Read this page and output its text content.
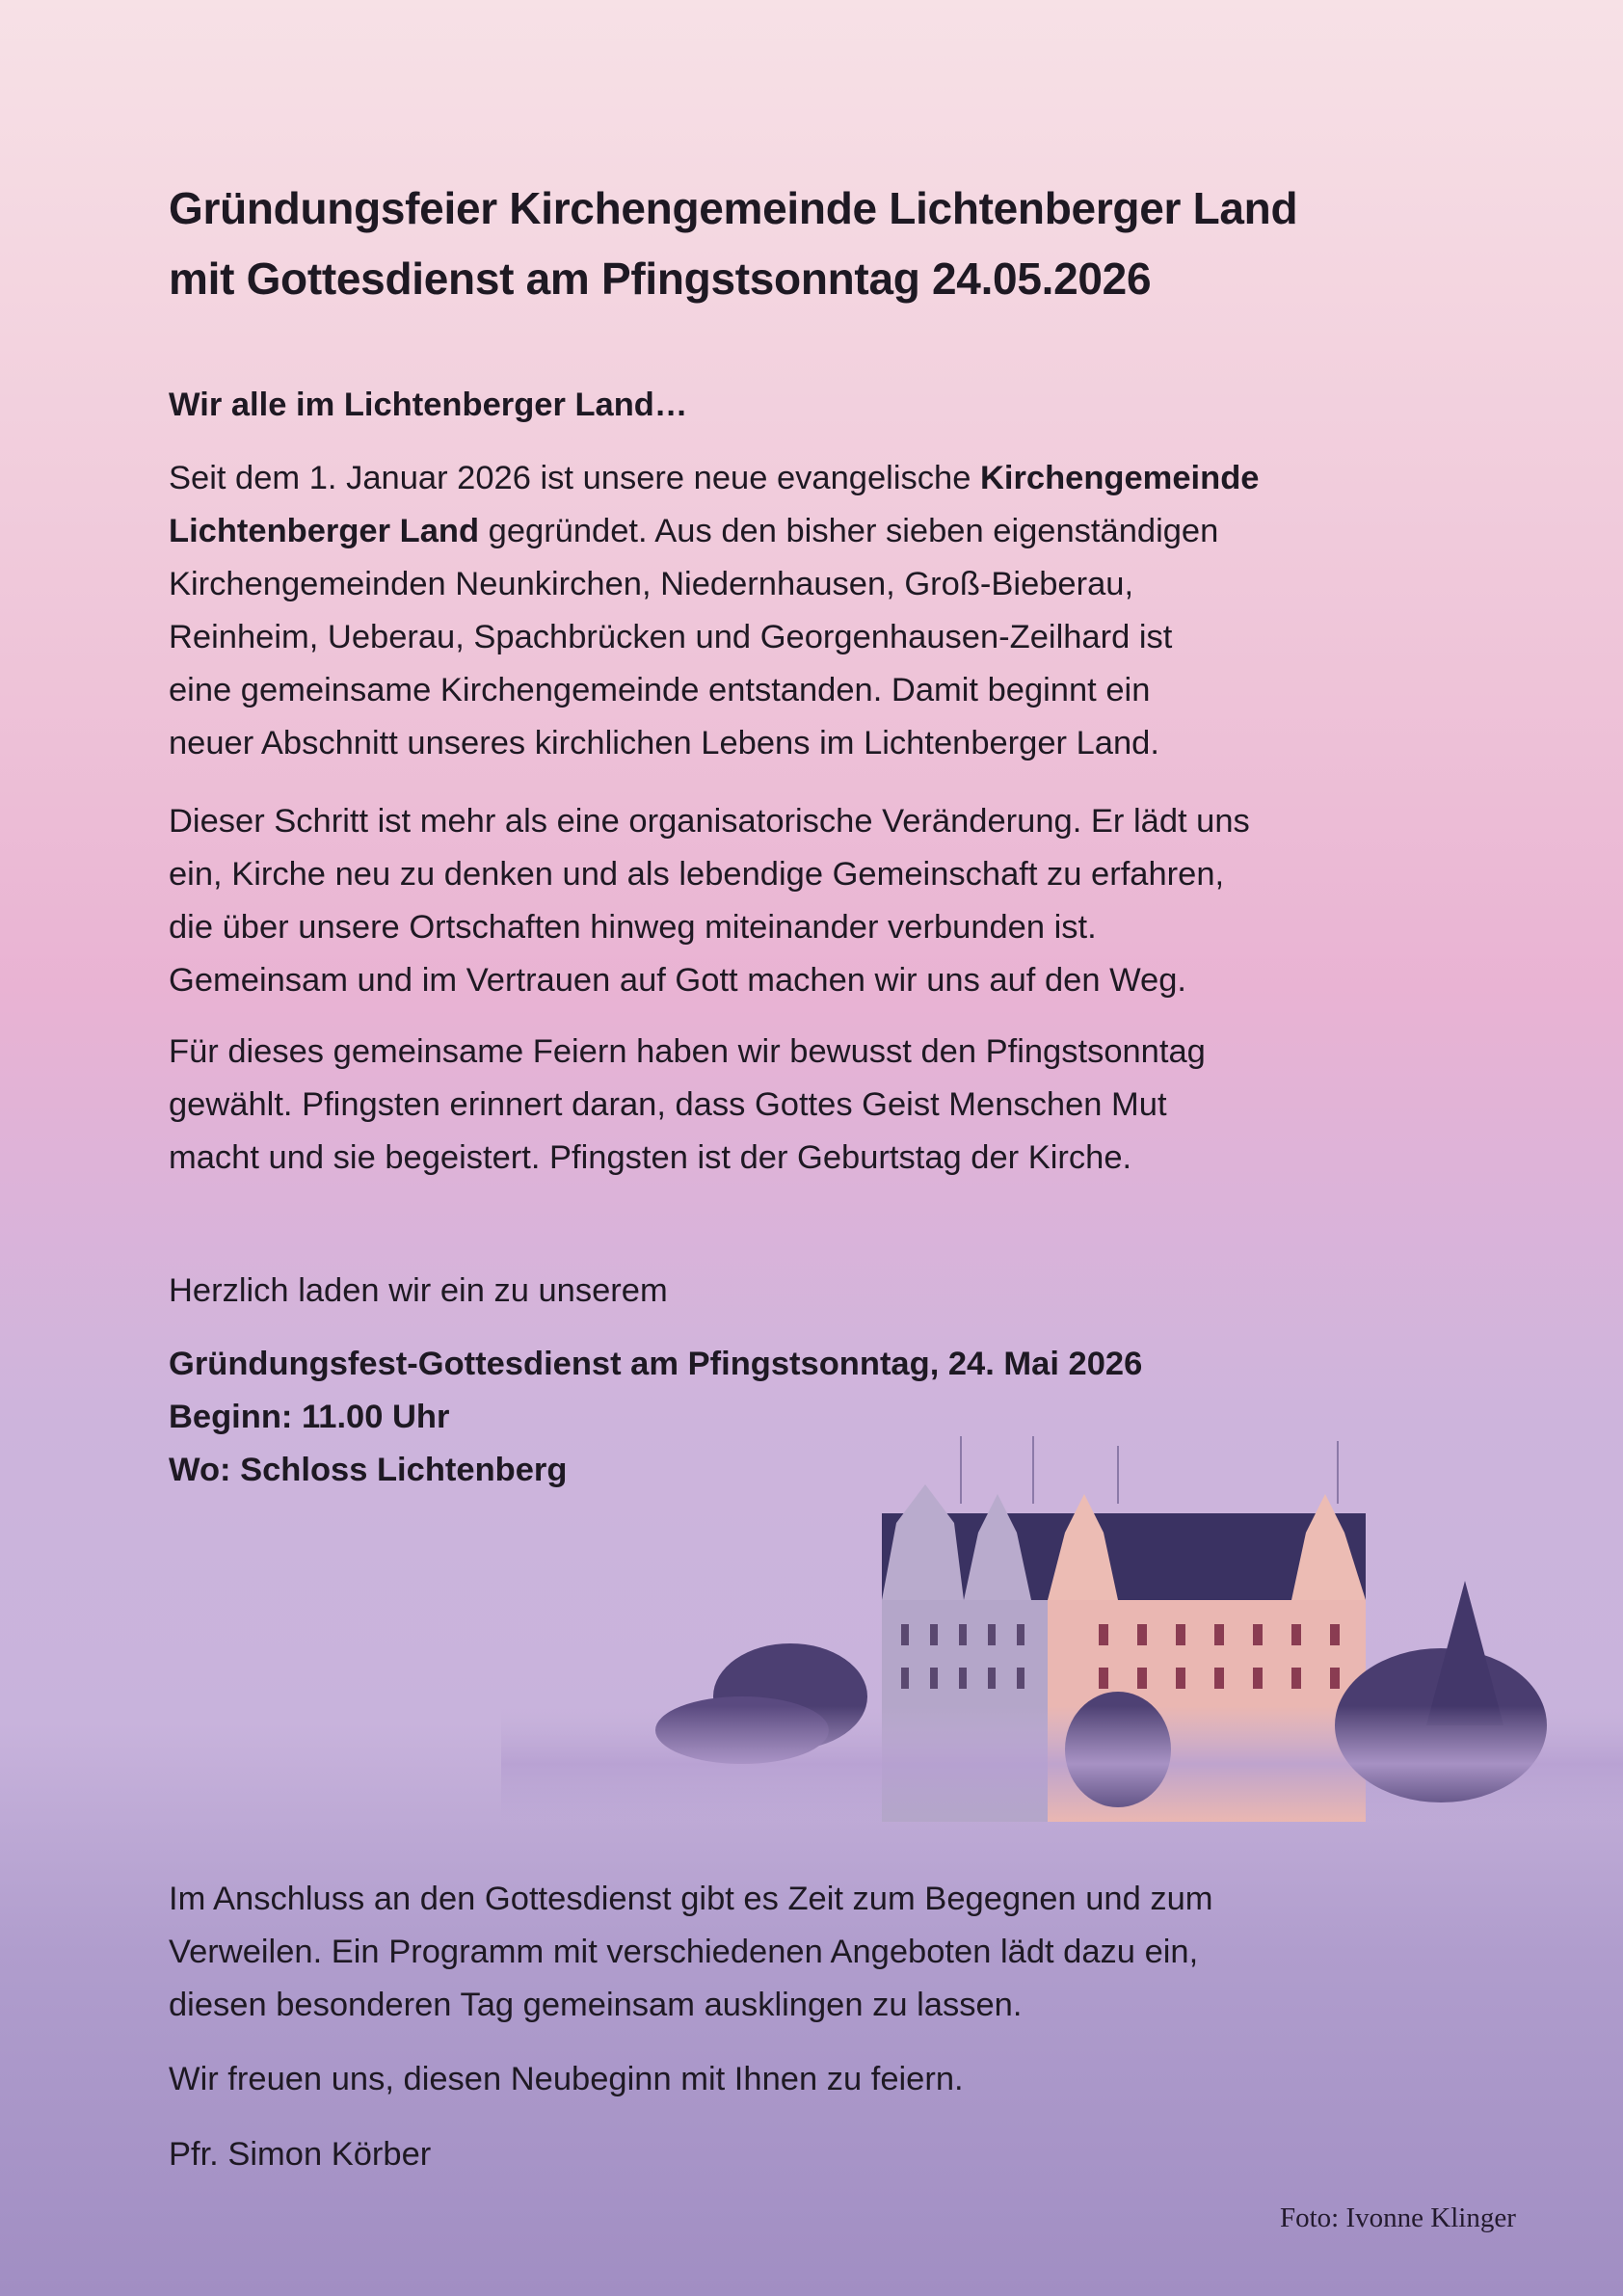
Gründungsfeier Kirchengemeinde Lichtenberger Land
mit Gottesdienst am Pfingstsonntag 24.05.2026
Wir alle im Lichtenberger Land…
Seit dem 1. Januar 2026 ist unsere neue evangelische Kirchengemeinde
Lichtenberger Land gegründet. Aus den bisher sieben eigenständigen
Kirchengemeinden Neunkirchen, Niedernhausen, Groß-Bieberau,
Reinheim, Ueberau, Spachbrücken und Georgenhausen-Zeilhard ist
eine gemeinsame Kirchengemeinde entstanden. Damit beginnt ein
neuer Abschnitt unseres kirchlichen Lebens im Lichtenberger Land.
Dieser Schritt ist mehr als eine organisatorische Veränderung. Er lädt uns
ein, Kirche neu zu denken und als lebendige Gemeinschaft zu erfahren,
die über unsere Ortschaften hinweg miteinander verbunden ist.
Gemeinsam und im Vertrauen auf Gott machen wir uns auf den Weg.
Für dieses gemeinsame Feiern haben wir bewusst den Pfingstsonntag
gewählt. Pfingsten erinnert daran, dass Gottes Geist Menschen Mut
macht und sie begeistert. Pfingsten ist der Geburtstag der Kirche.
Herzlich laden wir ein zu unserem
Gründungsfest-Gottesdienst am Pfingstsonntag, 24. Mai 2026
Beginn: 11.00 Uhr
Wo: Schloss Lichtenberg
Im Anschluss an den Gottesdienst gibt es Zeit zum Begegnen und zum
Verweilen. Ein Programm mit verschiedenen Angeboten lädt dazu ein,
diesen besonderen Tag gemeinsam ausklingen zu lassen.
Wir freuen uns, diesen Neubeginn mit Ihnen zu feiern.
Pfr. Simon Körber
Foto: Ivonne Klinger
